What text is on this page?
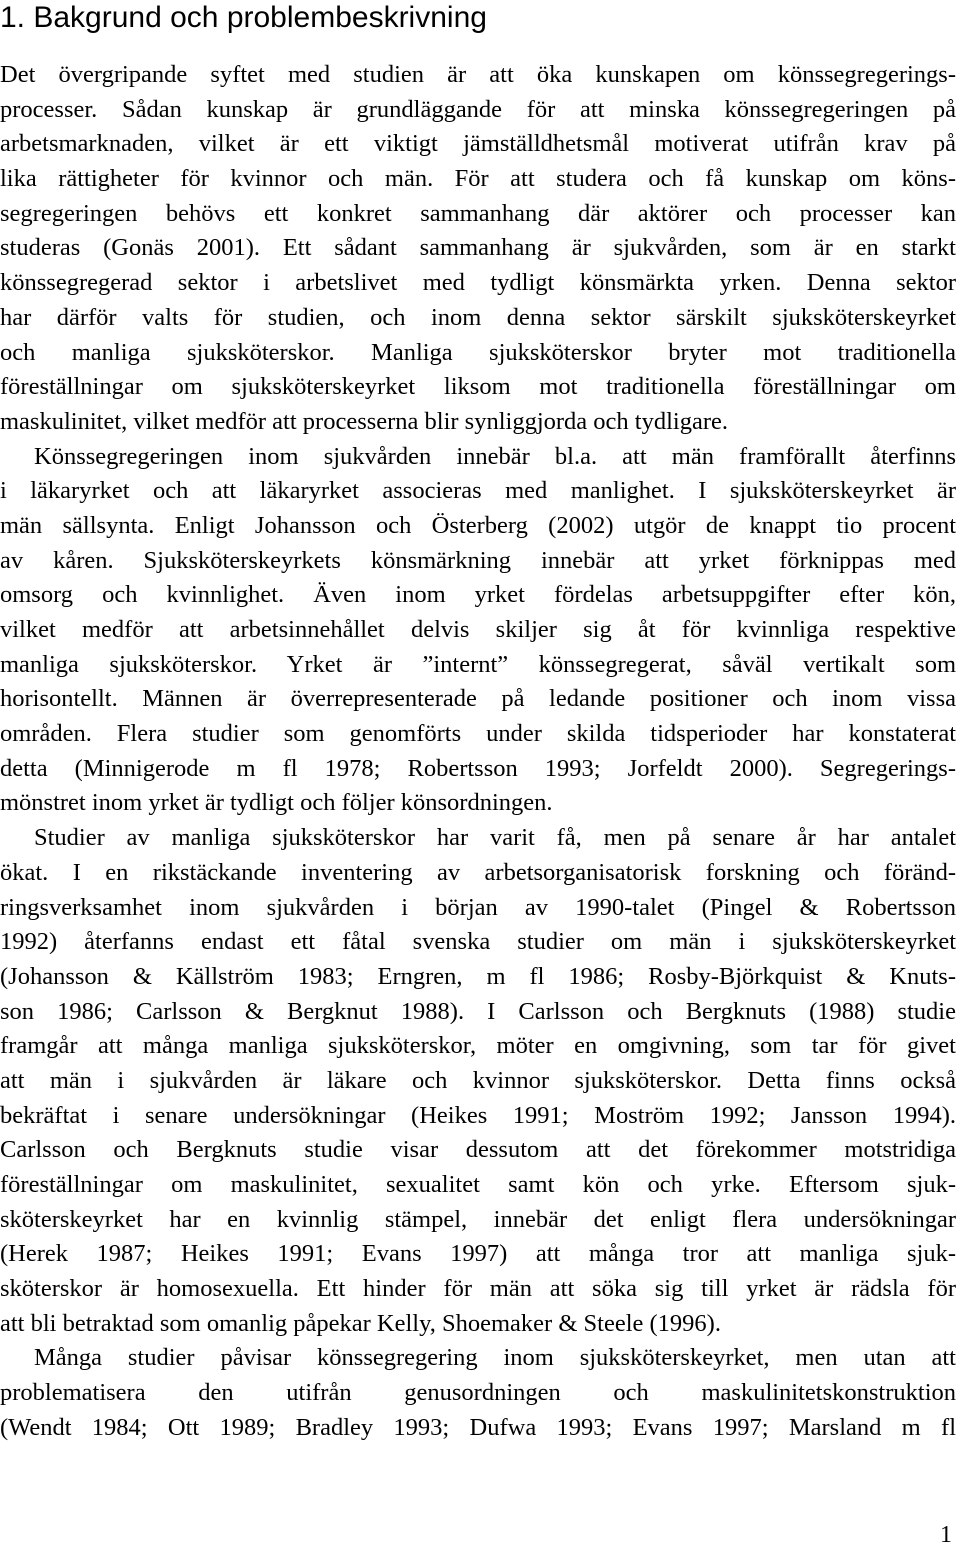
1. Bakgrund och problembeskrivning
Det övergripande syftet med studien är att öka kunskapen om könssegregerings-
processer. Sådan kunskap är grundläggande för att minska könssegregeringen på
arbetsmarknaden, vilket är ett viktigt jämställdhetsmål motiverat utifrån krav på
lika rättigheter för kvinnor och män. För att studera och få kunskap om köns-
segregeringen behövs ett konkret sammanhang där aktörer och processer kan
studeras (Gonäs 2001). Ett sådant sammanhang är sjukvården, som är en starkt
könssegregerad sektor i arbetslivet med tydligt könsmärkta yrken. Denna sektor
har därför valts för studien, och inom denna sektor särskilt sjuksköterskeyrket
och manliga sjuksköterskor. Manliga sjuksköterskor bryter mot traditionella
föreställningar om sjuksköterskeyrket liksom mot traditionella föreställningar om
maskulinitet, vilket medför att processerna blir synliggjorda och tydligare.
Könssegregeringen inom sjukvården innebär bl.a. att män framförallt återfinns
i läkaryrket och att läkaryrket associeras med manlighet. I sjuksköterskeyrket är
män sällsynta. Enligt Johansson och Österberg (2002) utgör de knappt tio procent
av kåren. Sjuksköterskeyrkets könsmärkning innebär att yrket förknippas med
omsorg och kvinnlighet. Även inom yrket fördelas arbetsuppgifter efter kön,
vilket medför att arbetsinnehållet delvis skiljer sig åt för kvinnliga respektive
manliga sjuksköterskor. Yrket är ”internt” könssegregerat, såväl vertikalt som
horisontellt. Männen är överrepresenterade på ledande positioner och inom vissa
områden. Flera studier som genomförts under skilda tidsperioder har konstaterat
detta (Minnigerode m fl 1978; Robertsson 1993; Jorfeldt 2000). Segregerings-
mönstret inom yrket är tydligt och följer könsordningen.
Studier av manliga sjuksköterskor har varit få, men på senare år har antalet
ökat. I en rikstäckande inventering av arbetsorganisatorisk forskning och föränd-
ringsverksamhet inom sjukvården i början av 1990-talet (Pingel & Robertsson
1992) återfanns endast ett fåtal svenska studier om män i sjuksköterskeyrket
(Johansson & Källström 1983; Erngren, m fl 1986; Rosby-Björkquist & Knuts-
son 1986; Carlsson & Bergknut 1988). I Carlsson och Bergknuts (1988) studie
framgår att många manliga sjuksköterskor, möter en omgivning, som tar för givet
att män i sjukvården är läkare och kvinnor sjuksköterskor. Detta finns också
bekräftat i senare undersökningar (Heikes 1991; Moström 1992; Jansson 1994).
Carlsson och Bergknuts studie visar dessutom att det förekommer motstridiga
föreställningar om maskulinitet, sexualitet samt kön och yrke. Eftersom sjuk-
sköterskeyrket har en kvinnlig stämpel, innebär det enligt flera undersökningar
(Herek 1987; Heikes 1991; Evans 1997) att många tror att manliga sjuk-
sköterskor är homosexuella. Ett hinder för män att söka sig till yrket är rädsla för
att bli betraktad som omanlig påpekar Kelly, Shoemaker & Steele (1996).
Många studier påvisar könssegregering inom sjuksköterskeyrket, men utan att
problematisera den utifrån genusordningen och maskulinitetskonstruktion
(Wendt 1984; Ott 1989; Bradley 1993; Dufwa 1993; Evans 1997; Marsland m fl
1
